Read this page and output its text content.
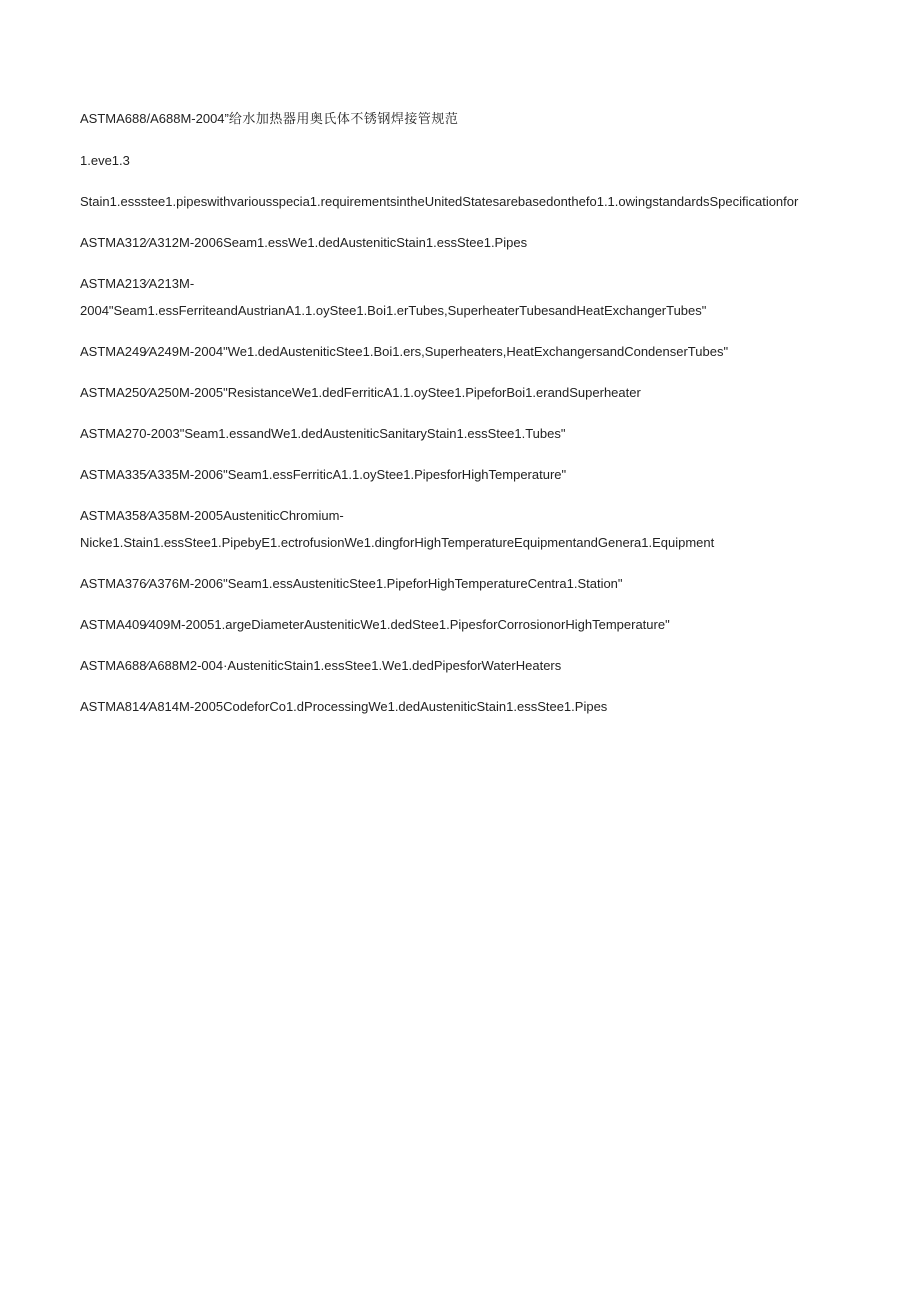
ASTMA688/A688M-2004”给水加热器用奥氏体不锈钢焊接管规范

1.eve1.3

Stain1.essstee1.pipeswithvariousspecia1.requirementsintheUnitedStatesarebasedonthefo1.1.owingstandardsSpecificationfor

ASTMA312⁄A312M-2006Seam1.essWe1.dedAusteniticStain1.essStee1.Pipes

ASTMA213⁄A213M-
2004"Seam1.essFerriteandAustrianA1.1.oyStee1.Boi1.erTubes,SuperheaterTubesandHeatExchangerTubes"

ASTMA249⁄A249M-2004"We1.dedAusteniticStee1.Boi1.ers,Superheaters,HeatExchangersandCondenserTubes"

ASTMA250⁄A250M-2005"ResistanceWe1.dedFerriticA1.1.oyStee1.PipeforBoi1.erandSuperheater

ASTMA270-2003"Seam1.essandWe1.dedAusteniticSanitaryStain1.essStee1.Tubes"

ASTMA335⁄A335M-2006"Seam1.essFerriticA1.1.oyStee1.PipesforHighTemperature"

ASTMA358⁄A358M-2005AusteniticChromium-
Nicke1.Stain1.essStee1.PipebyE1.ectrofusionWe1.dingforHighTemperatureEquipmentandGenera1.Equipment

ASTMA376⁄A376M-2006"Seam1.essAusteniticStee1.PipeforHighTemperatureCentra1.Station"

ASTMA409⁄409M-20051.argeDiameterAusteniticWe1.dedStee1.PipesforCorrosionorHighTemperature"

ASTMA688⁄A688M2-004·AusteniticStain1.essStee1.We1.dedPipesforWaterHeaters

ASTMA814⁄A814M-2005CodeforCo1.dProcessingWe1.dedAusteniticStain1.essStee1.Pipes
